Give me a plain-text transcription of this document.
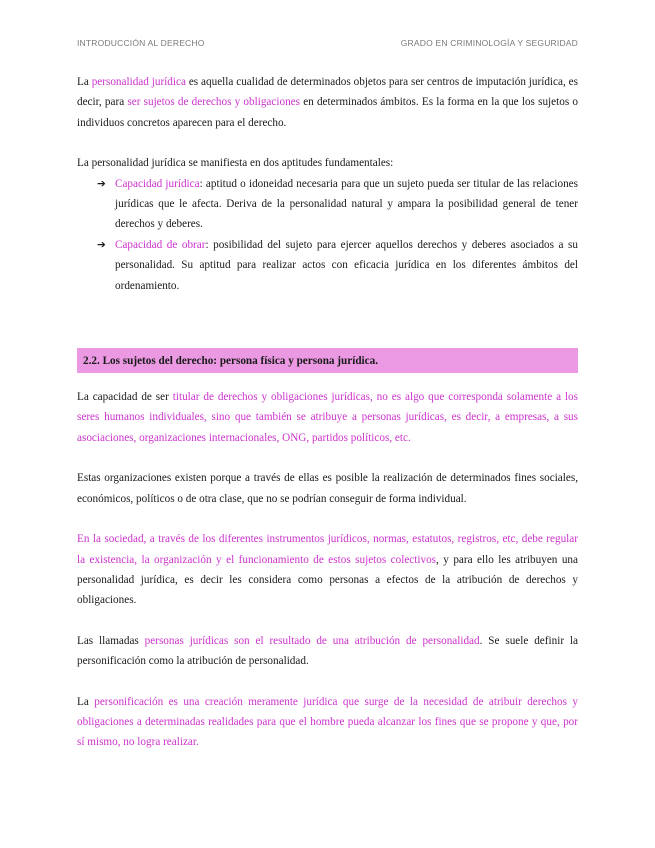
INTRODUCCIÓN AL DERECHO	GRADO EN CRIMINOLOGÍA Y SEGURIDAD

La personalidad jurídica es aquella cualidad de determinados objetos para ser centros de imputación jurídica, es decir, para ser sujetos de derechos y obligaciones en determinados ámbitos. Es la forma en la que los sujetos o individuos concretos aparecen para el derecho.

La personalidad jurídica se manifiesta en dos aptitudes fundamentales:

➔ Capacidad jurídica: aptitud o idoneidad necesaria para que un sujeto pueda ser titular de las relaciones jurídicas que le afecta. Deriva de la personalidad natural y ampara la posibilidad general de tener derechos y deberes.
➔ Capacidad de obrar: posibilidad del sujeto para ejercer aquellos derechos y deberes asociados a su personalidad. Su aptitud para realizar actos con eficacia jurídica en los diferentes ámbitos del ordenamiento.
2.2. Los sujetos del derecho: persona física y persona jurídica.

La capacidad de ser titular de derechos y obligaciones jurídicas, no es algo que corresponda solamente a los seres humanos individuales, sino que también se atribuye a personas jurídicas, es decir, a empresas, a sus asociaciones, organizaciones internacionales, ONG, partidos políticos, etc.

Estas organizaciones existen porque a través de ellas es posible la realización de determinados fines sociales, económicos, políticos o de otra clase, que no se podrían conseguir de forma individual.

En la sociedad, a través de los diferentes instrumentos jurídicos, normas, estatutos, registros, etc, debe regular la existencia, la organización y el funcionamiento de estos sujetos colectivos, y para ello les atribuyen una personalidad jurídica, es decir les considera como personas a efectos de la atribución de derechos y obligaciones.

Las llamadas personas jurídicas son el resultado de una atribución de personalidad. Se suele definir la personificación como la atribución de personalidad.

La personificación es una creación meramente jurídica que surge de la necesidad de atribuir derechos y obligaciones a determinadas realidades para que el hombre pueda alcanzar los fines que se propone y que, por sí mismo, no logra realizar.
